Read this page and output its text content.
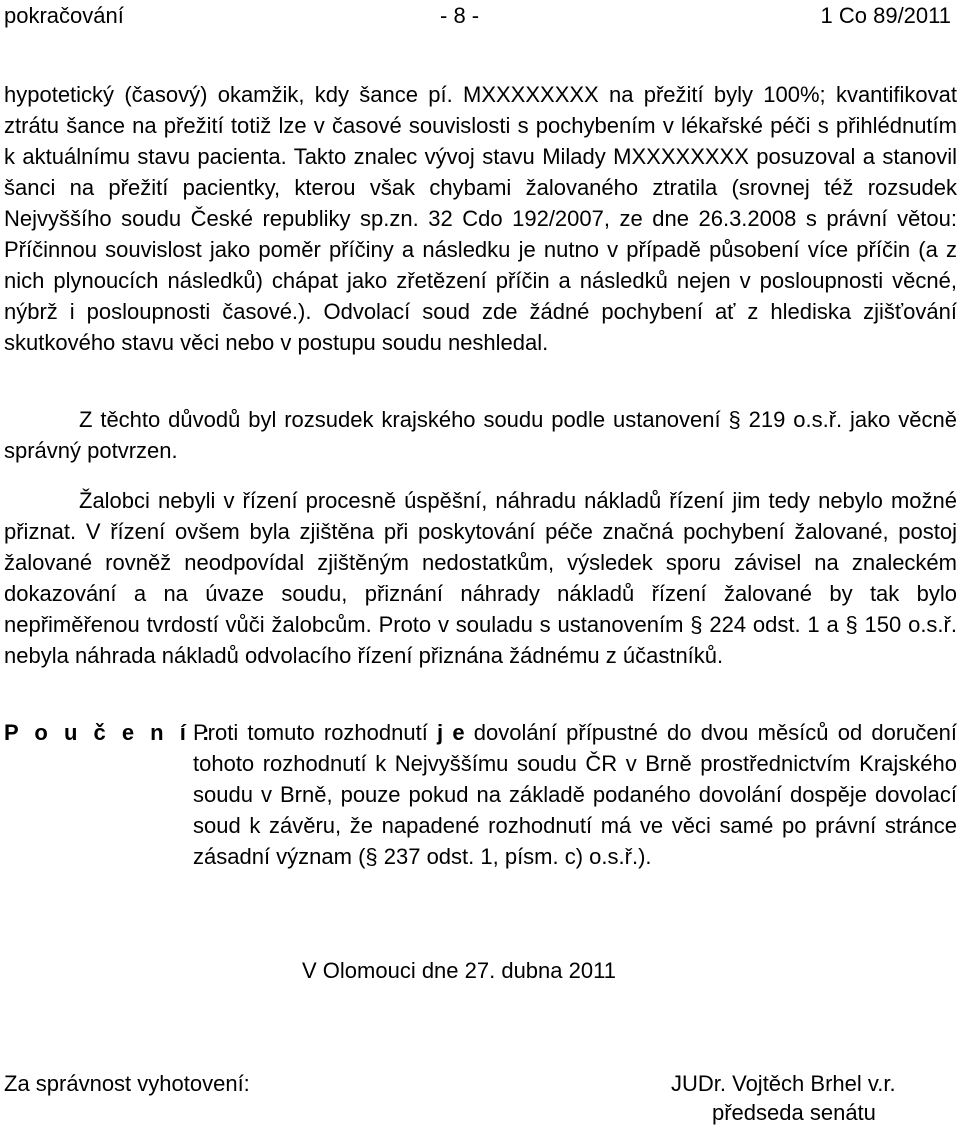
pokračování	- 8 -	1 Co 89/2011

hypotetický (časový) okamžik, kdy šance pí. MXXXXXXXX na přežití byly 100%; kvantifikovat ztrátu šance na přežití totiž lze v časové souvislosti s pochybením v lékařské péči s přihlédnutím k aktuálnímu stavu pacienta. Takto znalec vývoj stavu Milady MXXXXXXXX posuzoval a stanovil šanci na přežití pacientky, kterou však chybami žalovaného ztratila (srovnej též rozsudek Nejvyššího soudu České republiky sp.zn. 32 Cdo 192/2007, ze dne 26.3.2008 s právní větou: Příčinnou souvislost jako poměr příčiny a následku je nutno v případě působení více příčin (a z nich plynoucích následků) chápat jako zřetězení příčin a následků nejen v posloupnosti věcné, nýbrž i posloupnosti časové.). Odvolací soud zde žádné pochybení ať z hlediska zjišťování skutkového stavu věci nebo v postupu soudu neshledal.

Z těchto důvodů byl rozsudek krajského soudu podle ustanovení § 219 o.s.ř. jako věcně správný potvrzen.

Žalobci nebyli v řízení procesně úspěšní, náhradu nákladů řízení jim tedy nebylo možné přiznat. V řízení ovšem byla zjištěna při poskytování péče značná pochybení žalované, postoj žalované rovněž neodpovídal zjištěným nedostatkům, výsledek sporu závisel na znaleckém dokazování a na úvaze soudu, přiznání náhrady nákladů řízení žalované by tak bylo nepřiměřenou tvrdostí vůči žalobcům. Proto v souladu s ustanovením § 224 odst. 1 a § 150 o.s.ř. nebyla náhrada nákladů odvolacího řízení přiznána žádnému z účastníků.

P o u č e n í :
Proti tomuto rozhodnutí j e dovolání přípustné do dvou měsíců od doručení tohoto rozhodnutí k Nejvyššímu soudu ČR v Brně prostřednictvím Krajského soudu v Brně, pouze pokud na základě podaného dovolání dospěje dovolací soud k závěru, že napadené rozhodnutí má ve věci samé po právní stránce zásadní význam (§ 237 odst. 1, písm. c) o.s.ř.).
V Olomouci dne 27. dubna 2011
Za správnost vyhotovení:	JUDr. Vojtěch Brhel v.r.
předseda senátu
